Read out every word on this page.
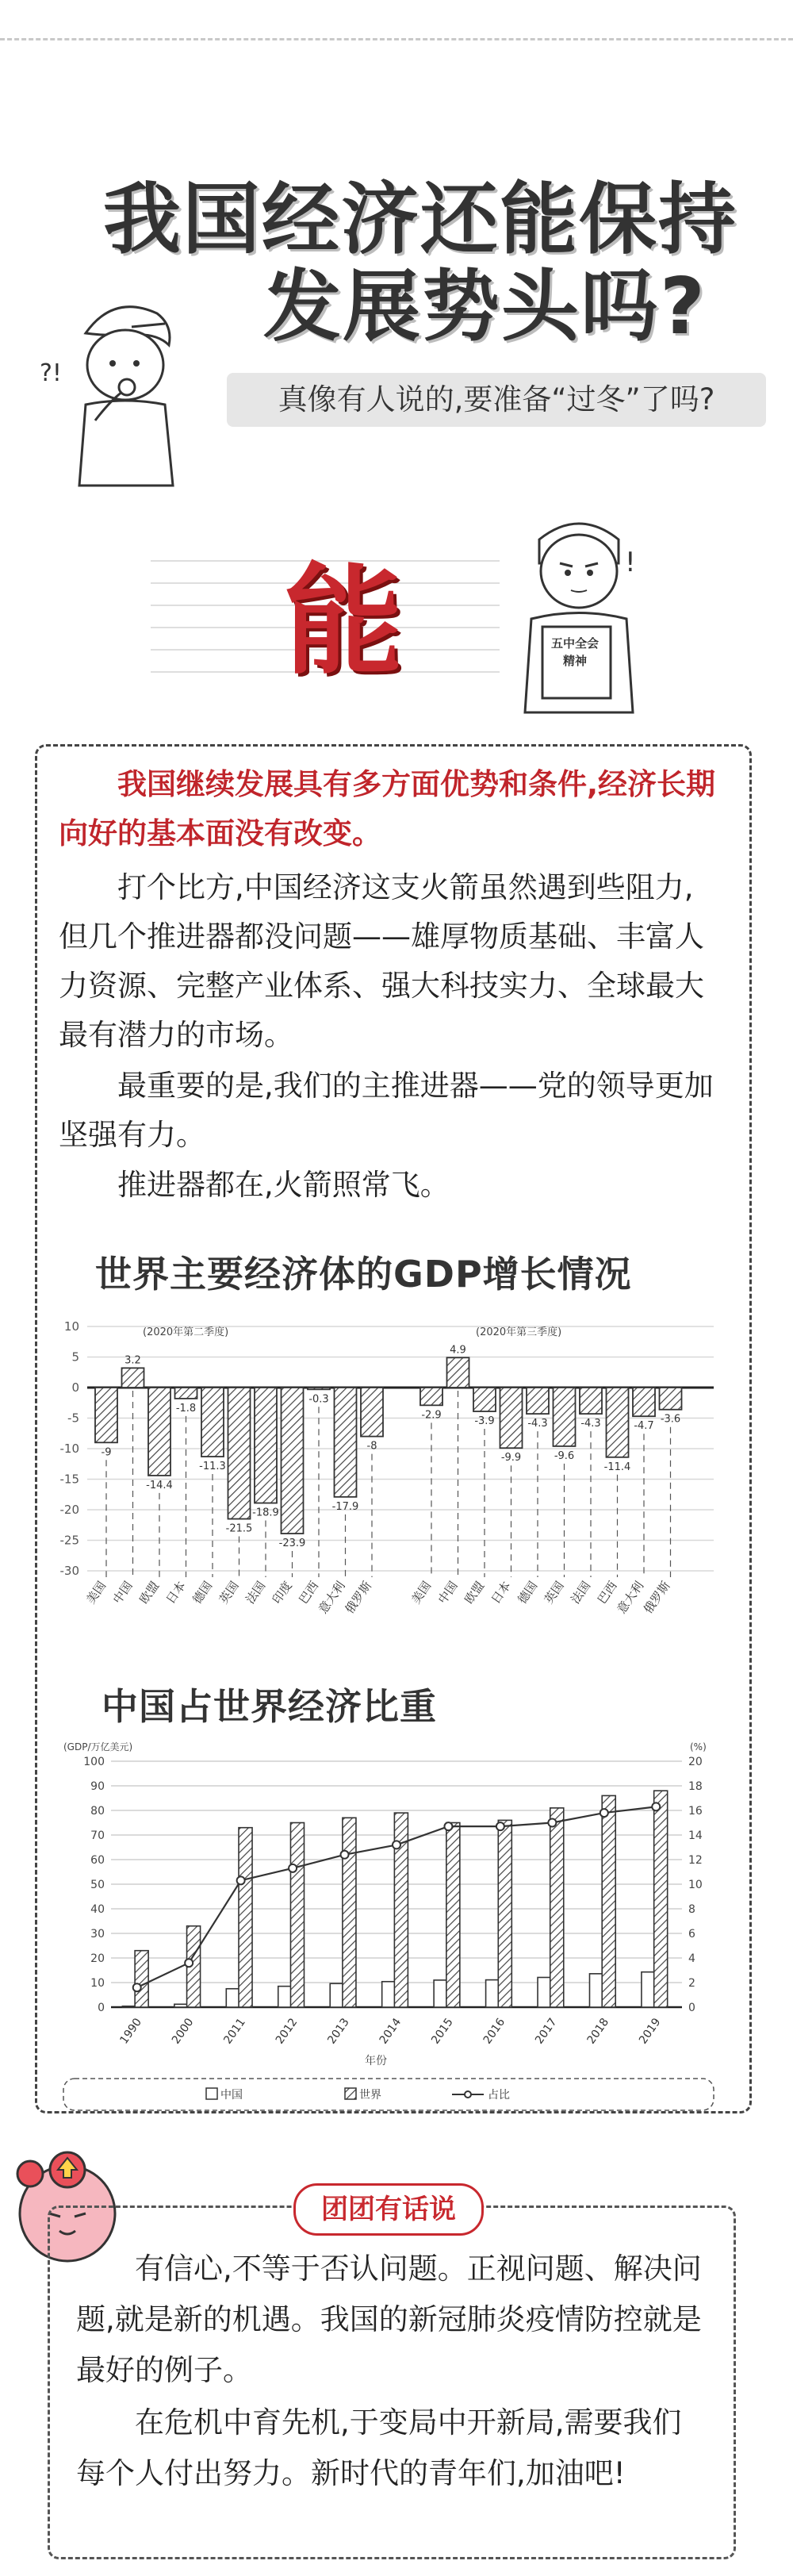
我国经济还能保持
发展势头吗?
真像有人说的,要准备“过冬”了吗?
?!
能	!
五中全会精神
我国继续发展具有多方面优势和条件,经济长期向好的基本面没有改变。
打个比方,中国经济这支火箭虽然遇到些阻力,但几个推进器都没问题——雄厚物质基础、丰富人力资源、完整产业体系、强大科技实力、全球最大最有潜力的市场。
最重要的是,我们的主推进器——党的领导更加坚强有力。
推进器都在,火箭照常飞。
世界主要经济体的GDP增长情况
10
5
0
-5
-10
-15
-20
-25
-30
(2020年第二季度)
-9
美国
3.2
中国
-14.4
欧盟
-1.8
日本
-11.3
德国
-21.5
英国
-18.9
法国
-23.9
印度
-0.3
巴西
-17.9
意大利
-8
俄罗斯
(2020年第三季度)
-2.9
美国
4.9
中国
-3.9
欧盟
-9.9
日本
-4.3
德国
-9.6
英国
-4.3
法国
-11.4
巴西
-4.7
意大利
-3.6
俄罗斯
中国占世界经济比重
(GDP/万亿美元)	(%)
0
10
20
30
40
50
60
70
80
90
100
0
2
4
6
8
10
12
14
16
18
20
1990 2000 2011 2012 2013 2014 2015 2016 2017 2018 2019
年份
中国	世界	占比
团团有话说
有信心,不等于否认问题。正视问题、解决问题,就是新的机遇。我国的新冠肺炎疫情防控就是最好的例子。
在危机中育先机,于变局中开新局,需要我们每个人付出努力。新时代的青年们,加油吧!
